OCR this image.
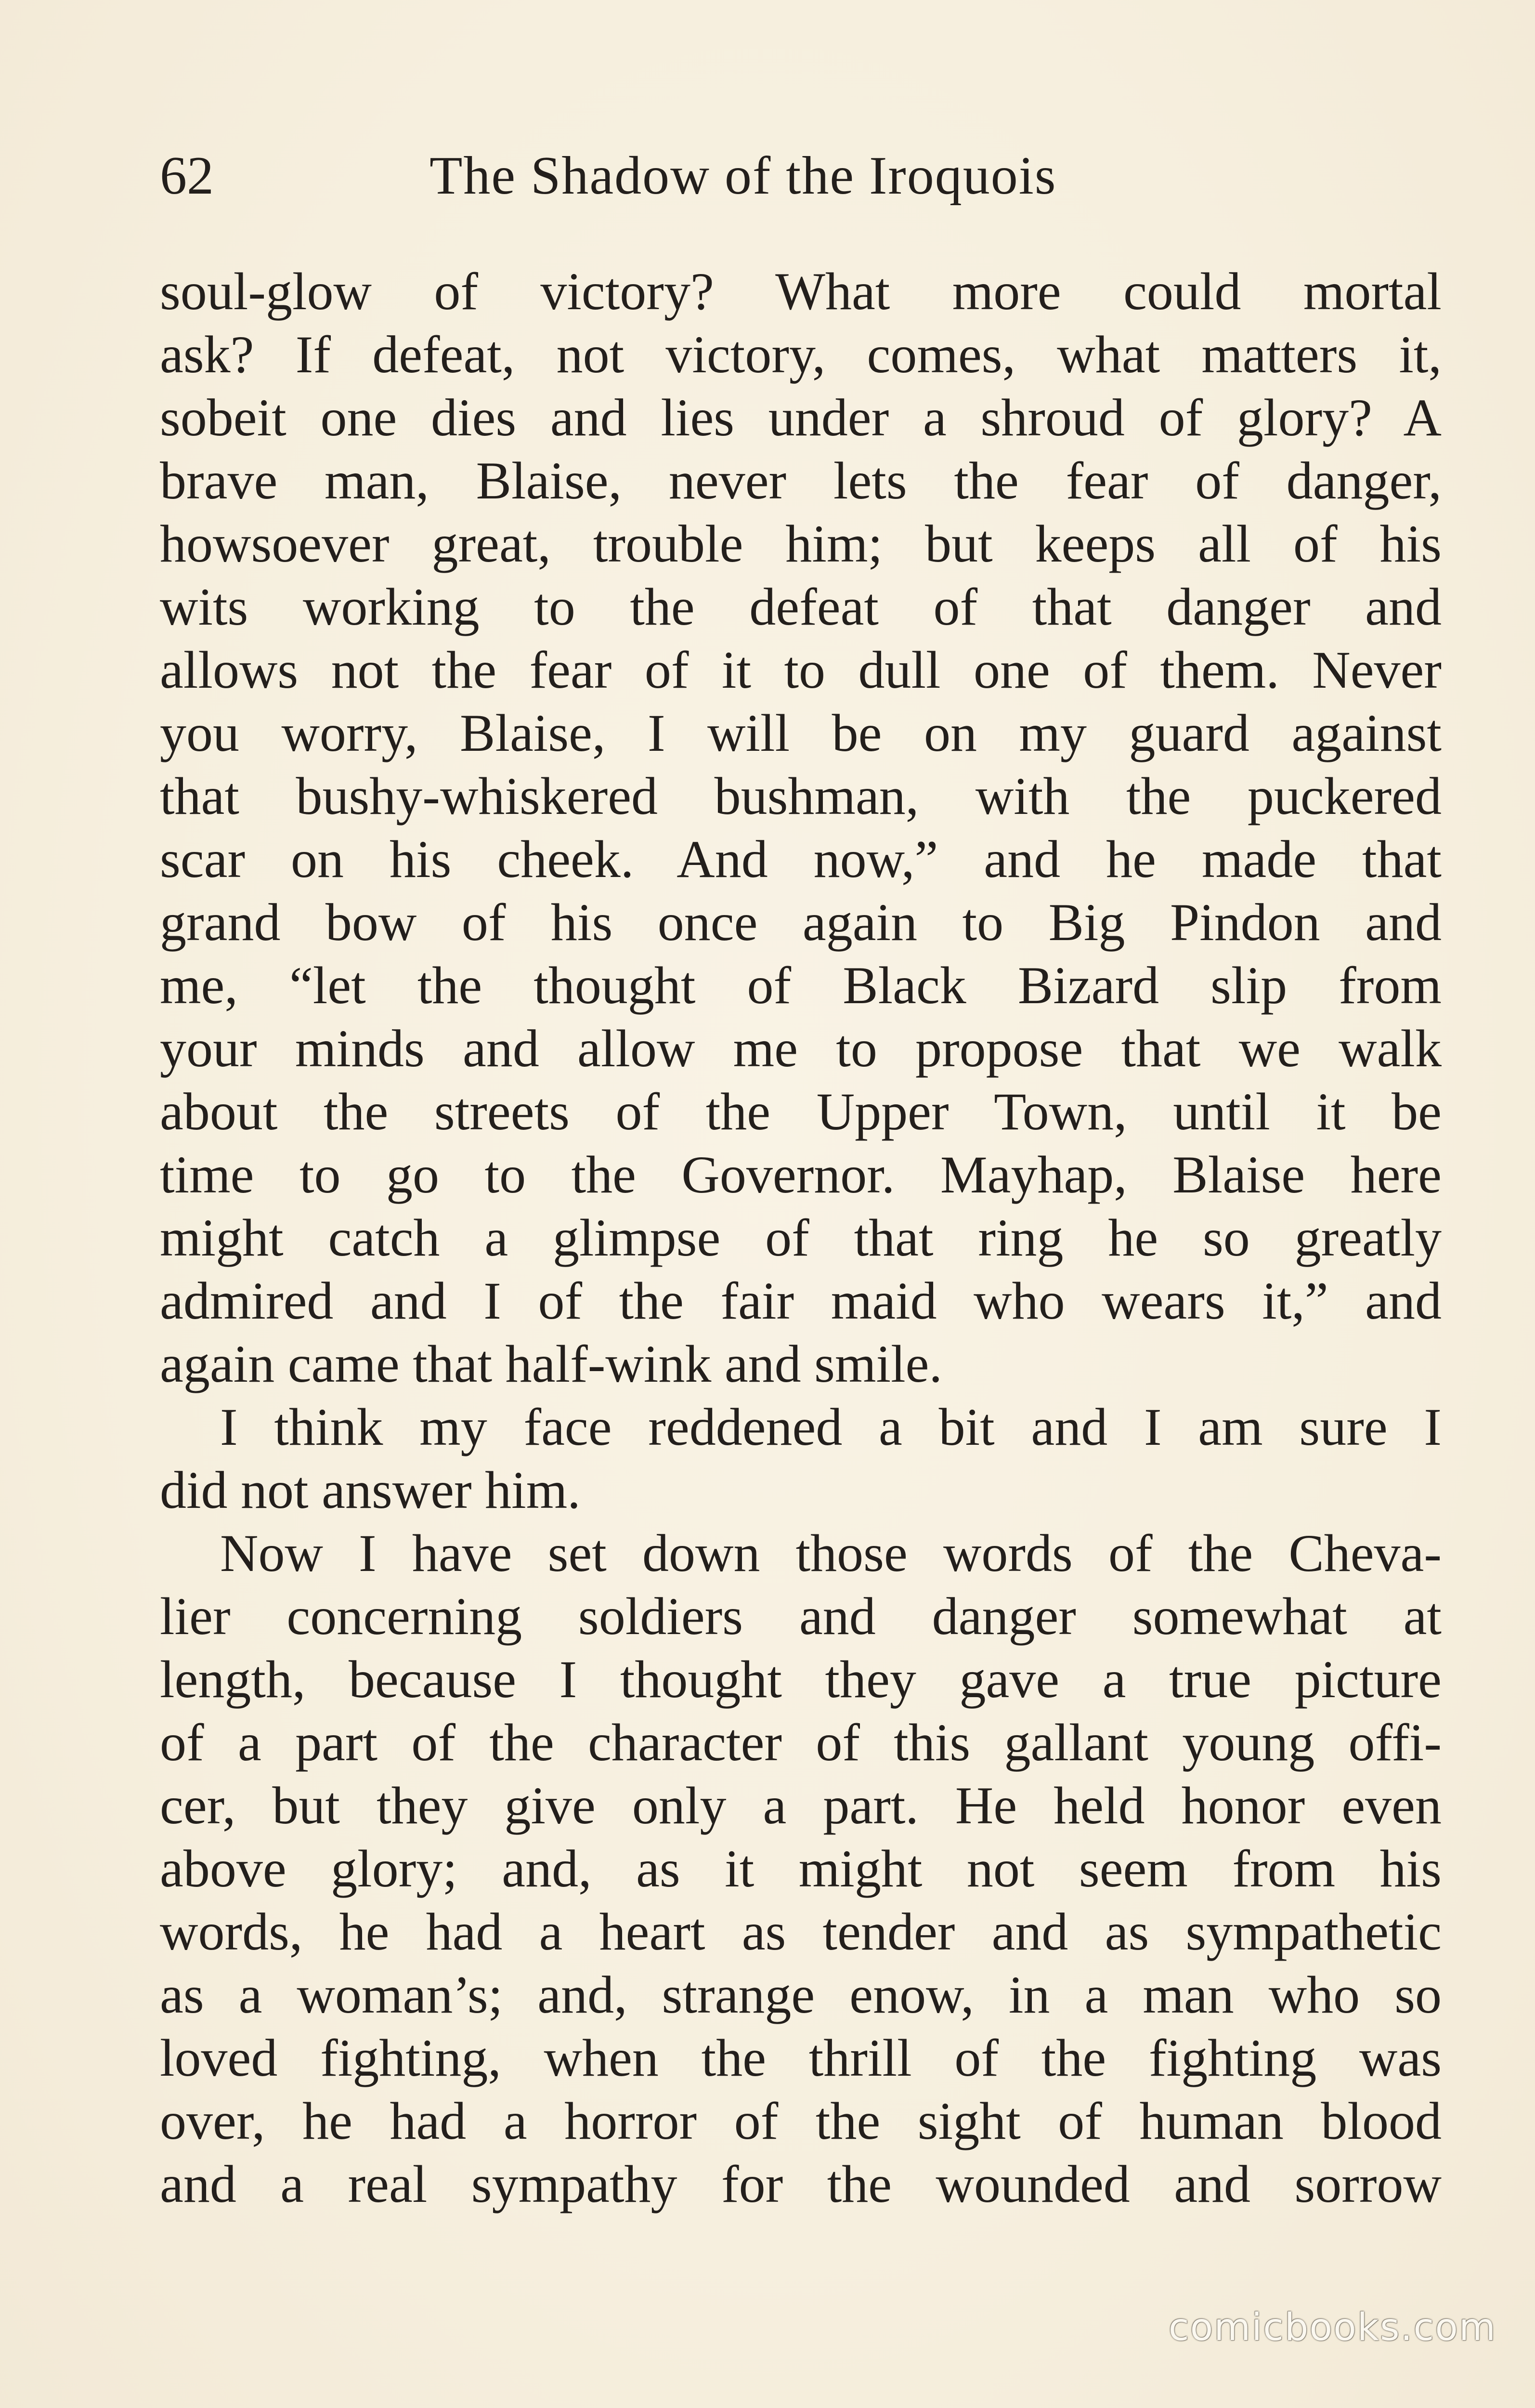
62	The Shadow of the Iroquois
soul-glow of victory? What more could mortal
ask? If defeat, not victory, comes, what matters it,
sobeit one dies and lies under a shroud of glory? A
brave man, Blaise, never lets the fear of danger,
howsoever great, trouble him; but keeps all of his
wits working to the defeat of that danger and
allows not the fear of it to dull one of them. Never
you worry, Blaise, I will be on my guard against
that bushy-whiskered bushman, with the puckered
scar on his cheek. And now,” and he made that
grand bow of his once again to Big Pindon and
me, “let the thought of Black Bizard slip from
your minds and allow me to propose that we walk
about the streets of the Upper Town, until it be
time to go to the Governor. Mayhap, Blaise here
might catch a glimpse of that ring he so greatly
admired and I of the fair maid who wears it,” and
again came that half-wink and smile.
I think my face reddened a bit and I am sure I
did not answer him.
Now I have set down those words of the Cheva-
lier concerning soldiers and danger somewhat at
length, because I thought they gave a true picture
of a part of the character of this gallant young offi-
cer, but they give only a part. He held honor even
above glory; and, as it might not seem from his
words, he had a heart as tender and as sympathetic
as a woman’s; and, strange enow, in a man who so
loved fighting, when the thrill of the fighting was
over, he had a horror of the sight of human blood
and a real sympathy for the wounded and sorrow
comicbooks.com
